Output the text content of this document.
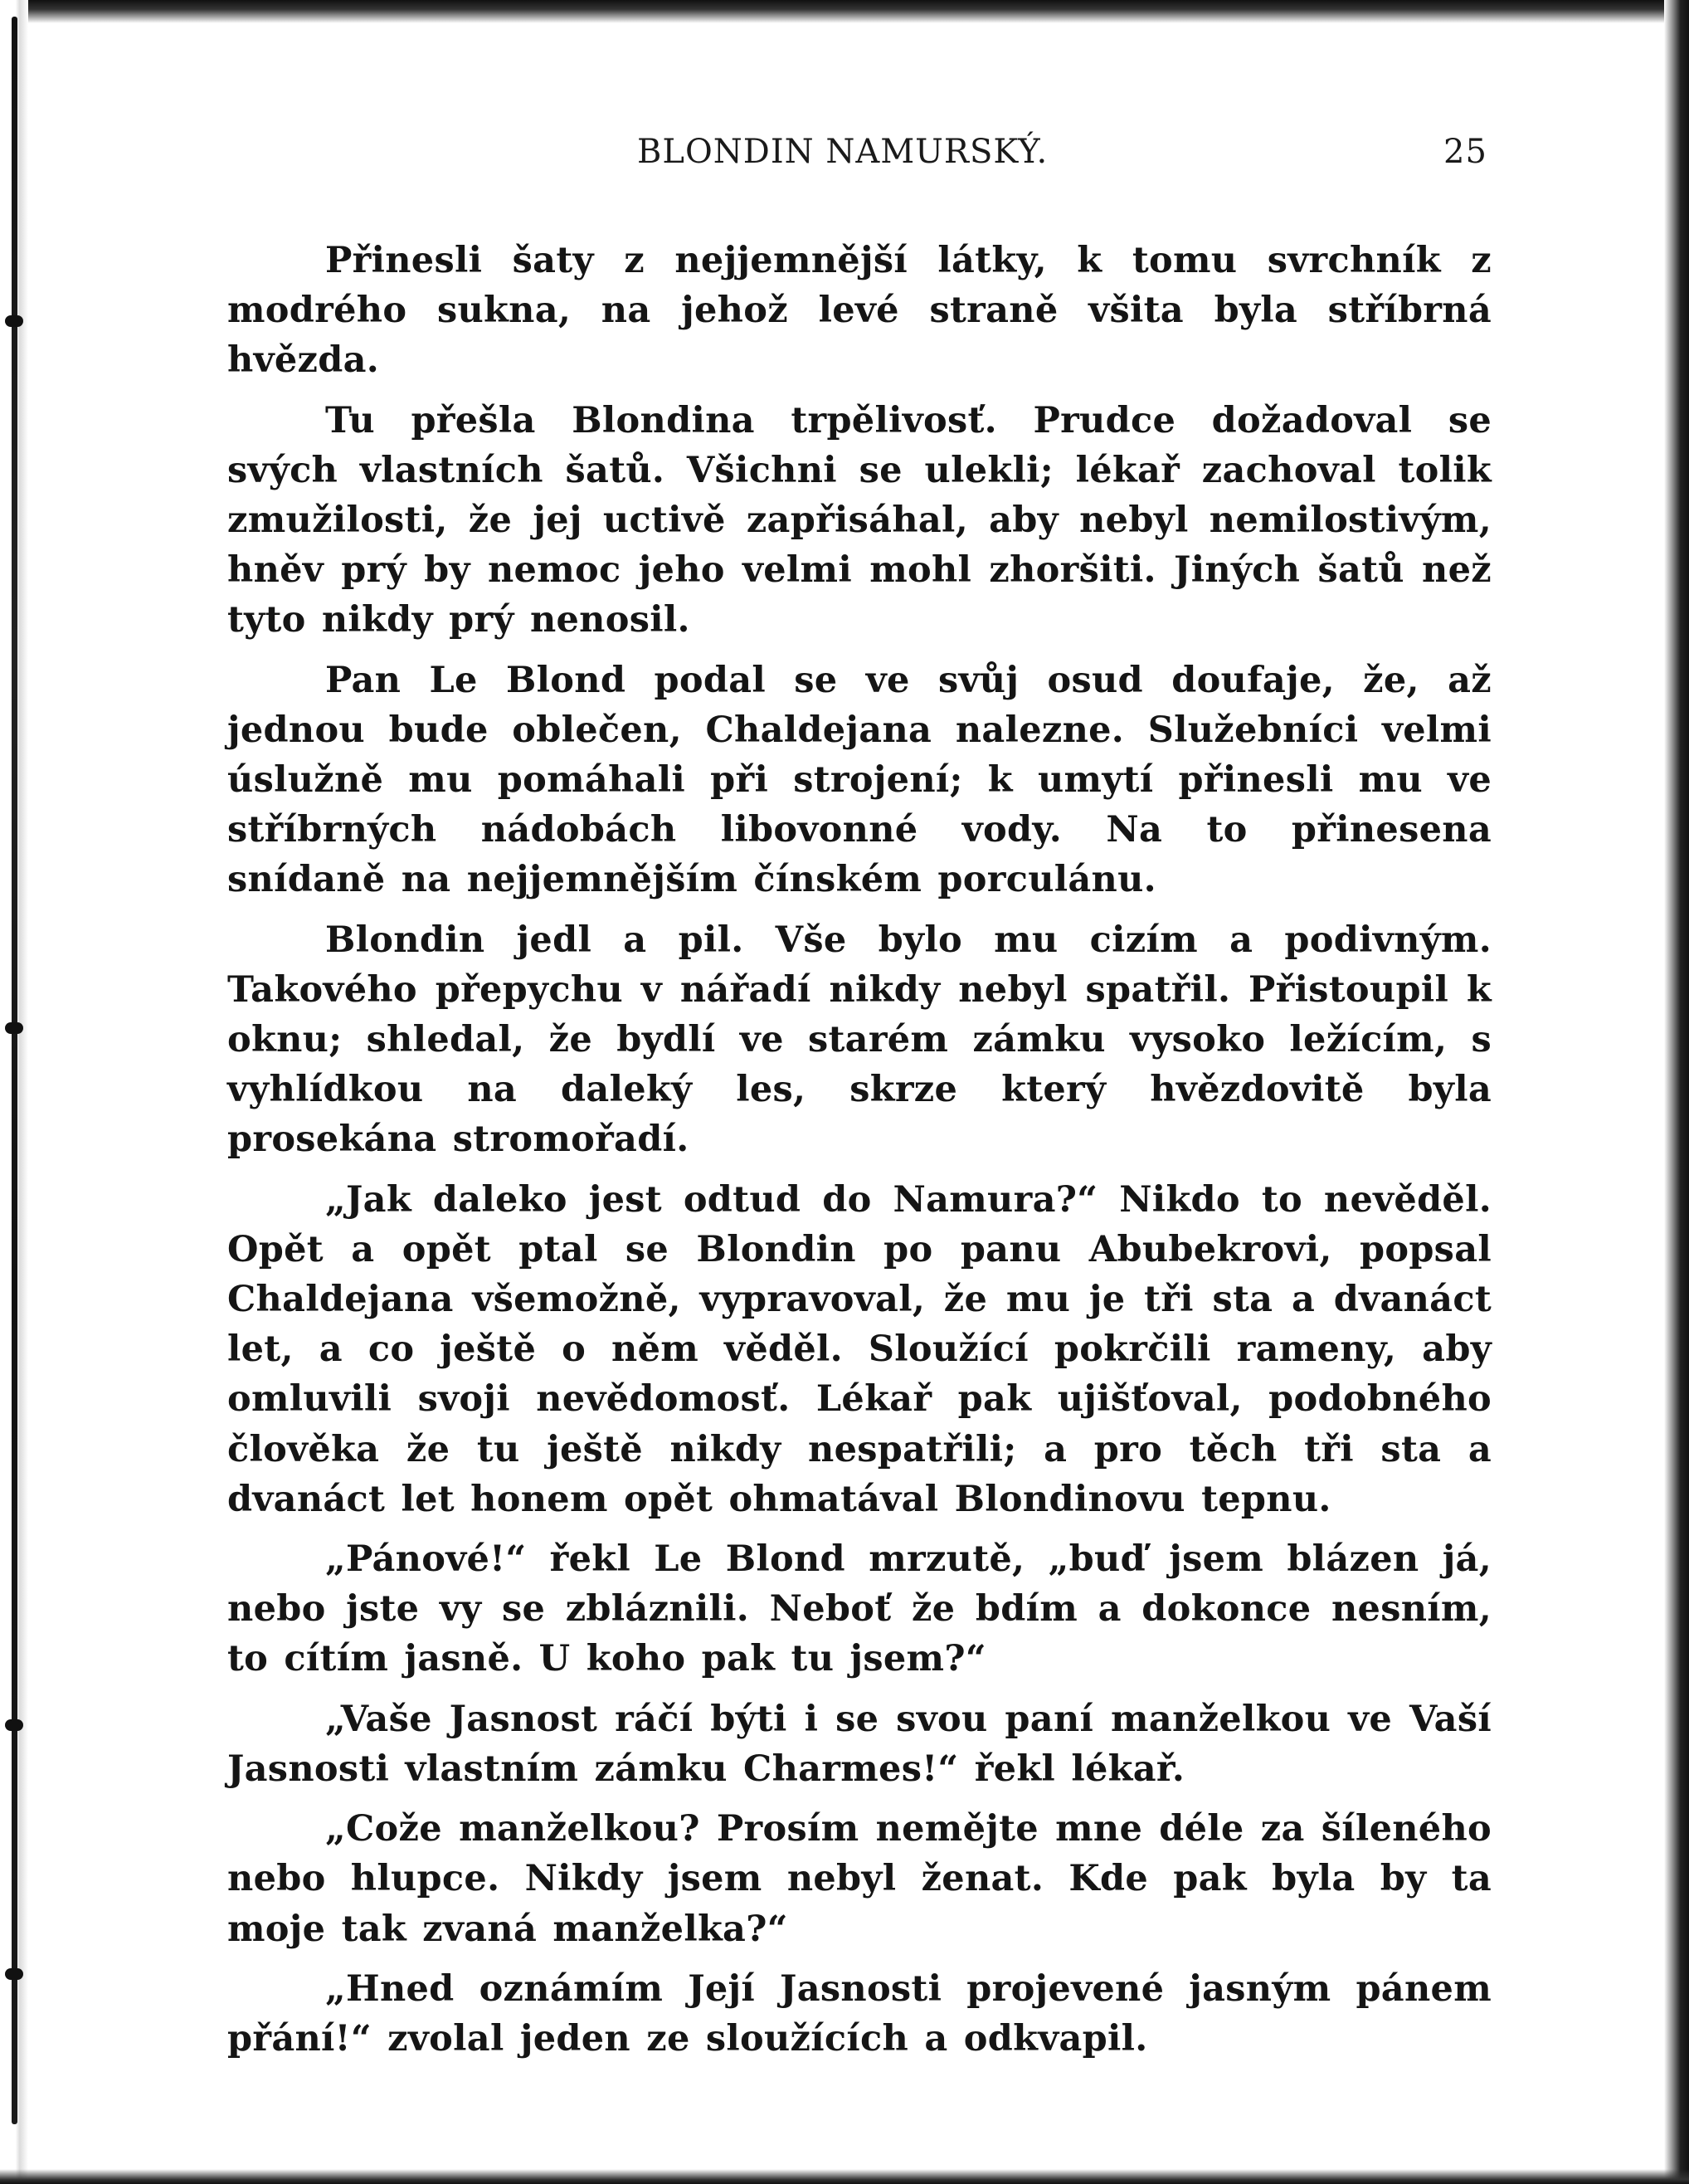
BLONDIN NAMURSKÝ.	25

Přinesli šaty z nejjemnější látky, k tomu svrchník z modrého sukna, na jehož levé straně všita byla stříbrná hvězda.

Tu přešla Blondina trpělivosť. Prudce dožadoval se svých vlastních šatů. Všichni se ulekli; lékař zachoval tolik zmužilosti, že jej uctivě zapřisáhal, aby nebyl nemilostivým, hněv prý by nemoc jeho velmi mohl zhoršiti. Jiných šatů než tyto nikdy prý nenosil.

Pan Le Blond podal se ve svůj osud doufaje, že, až jednou bude oblečen, Chaldejana nalezne. Služebníci velmi úslužně mu pomáhali při strojení; k umytí přinesli mu ve stříbrných nádobách libovonné vody. Na to přinesena snídaně na nejjemnějším čínském porculánu.

Blondin jedl a pil. Vše bylo mu cizím a podivným. Takového přepychu v nářadí nikdy nebyl spatřil. Přistoupil k oknu; shledal, že bydlí ve starém zámku vysoko ležícím, s vyhlídkou na daleký les, skrze který hvězdovitě byla prosekána stromořadí.

„Jak daleko jest odtud do Namura?“ Nikdo to nevěděl. Opět a opět ptal se Blondin po panu Abubekrovi, popsal Chaldejana všemožně, vypravoval, že mu je tři sta a dvanáct let, a co ještě o něm věděl. Sloužící pokrčili rameny, aby omluvili svoji nevědomosť. Lékař pak ujišťoval, podobného člověka že tu ještě nikdy nespatřili; a pro těch tři sta a dvanáct let honem opět ohmatával Blondinovu tepnu.

„Pánové!“ řekl Le Blond mrzutě, „buď jsem blázen já, nebo jste vy se zbláznili. Neboť že bdím a dokonce nesním, to cítím jasně. U koho pak tu jsem?“

„Vaše Jasnost ráčí býti i se svou paní manželkou ve Vaší Jasnosti vlastním zámku Charmes!“ řekl lékař.

„Cože manželkou? Prosím nemějte mne déle za šíleného nebo hlupce. Nikdy jsem nebyl ženat. Kde pak byla by ta moje tak zvaná manželka?“

„Hned oznámím Její Jasnosti projevené jasným pánem přání!“ zvolal jeden ze sloužících a odkvapil.
